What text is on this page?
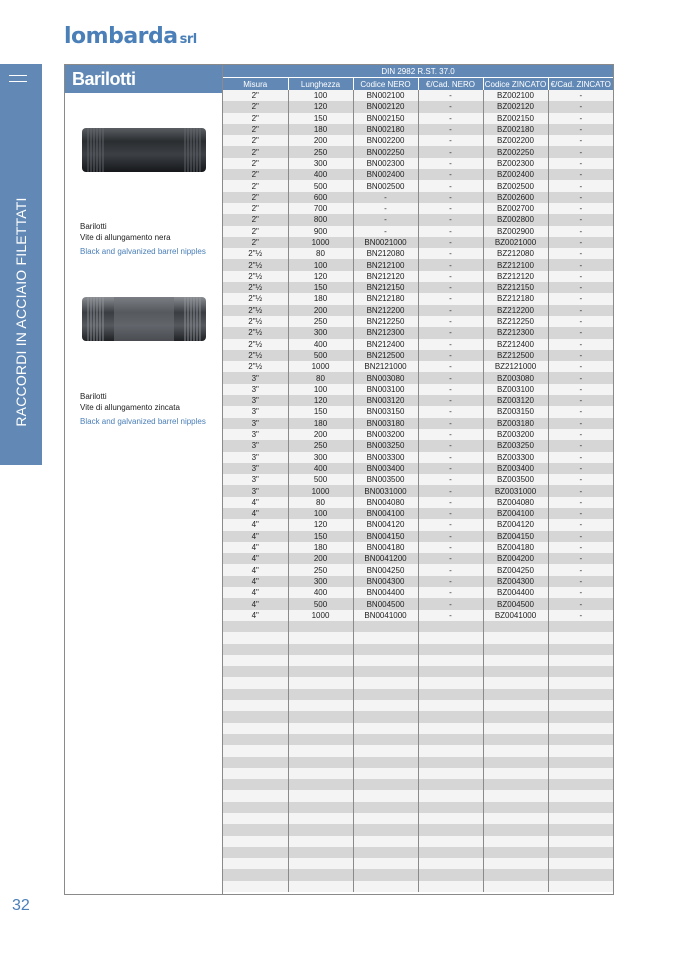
lombarda srl
RACCORDI IN ACCIAIO FILETTATI
Barilotti
Barilotti
Vite di allungamento nera
Black and galvanized barrel nipples
Barilotti
Vite di allungamento zincata
Black and galvanized barrel nipples
DIN 2982 R.ST. 37.0					
Misura	Lunghezza	Codice NERO	€/Cad. NERO	Codice ZINCATO	€/Cad. ZINCATO
2"	100	BN002100	-	BZ002100	-
2"	120	BN002120	-	BZ002120	-
2"	150	BN002150	-	BZ002150	-
2"	180	BN002180	-	BZ002180	-
2"	200	BN002200	-	BZ002200	-
2"	250	BN002250	-	BZ002250	-
2"	300	BN002300	-	BZ002300	-
2"	400	BN002400	-	BZ002400	-
2"	500	BN002500	-	BZ002500	-
2"	600	-	-	BZ002600	-
2"	700	-	-	BZ002700	-
2"	800	-	-	BZ002800	-
2"	900	-	-	BZ002900	-
2"	1000	BN0021000	-	BZ0021000	-
2"½	80	BN212080	-	BZ212080	-
2"½	100	BN212100	-	BZ212100	-
2"½	120	BN212120	-	BZ212120	-
2"½	150	BN212150	-	BZ212150	-
2"½	180	BN212180	-	BZ212180	-
2"½	200	BN212200	-	BZ212200	-
2"½	250	BN212250	-	BZ212250	-
2"½	300	BN212300	-	BZ212300	-
2"½	400	BN212400	-	BZ212400	-
2"½	500	BN212500	-	BZ212500	-
2"½	1000	BN2121000	-	BZ2121000	-
3"	80	BN003080	-	BZ003080	-
3"	100	BN003100	-	BZ003100	-
3"	120	BN003120	-	BZ003120	-
3"	150	BN003150	-	BZ003150	-
3"	180	BN003180	-	BZ003180	-
3"	200	BN003200	-	BZ003200	-
3"	250	BN003250	-	BZ003250	-
3"	300	BN003300	-	BZ003300	-
3"	400	BN003400	-	BZ003400	-
3"	500	BN003500	-	BZ003500	-
3"	1000	BN0031000	-	BZ0031000	-
4"	80	BN004080	-	BZ004080	-
4"	100	BN004100	-	BZ004100	-
4"	120	BN004120	-	BZ004120	-
4"	150	BN004150	-	BZ004150	-
4"	180	BN004180	-	BZ004180	-
4"	200	BN0041200	-	BZ004200	-
4"	250	BN004250	-	BZ004250	-
4"	300	BN004300	-	BZ004300	-
4"	400	BN004400	-	BZ004400	-
4"	500	BN004500	-	BZ004500	-
4"	1000	BN0041000	-	BZ0041000	-

32
